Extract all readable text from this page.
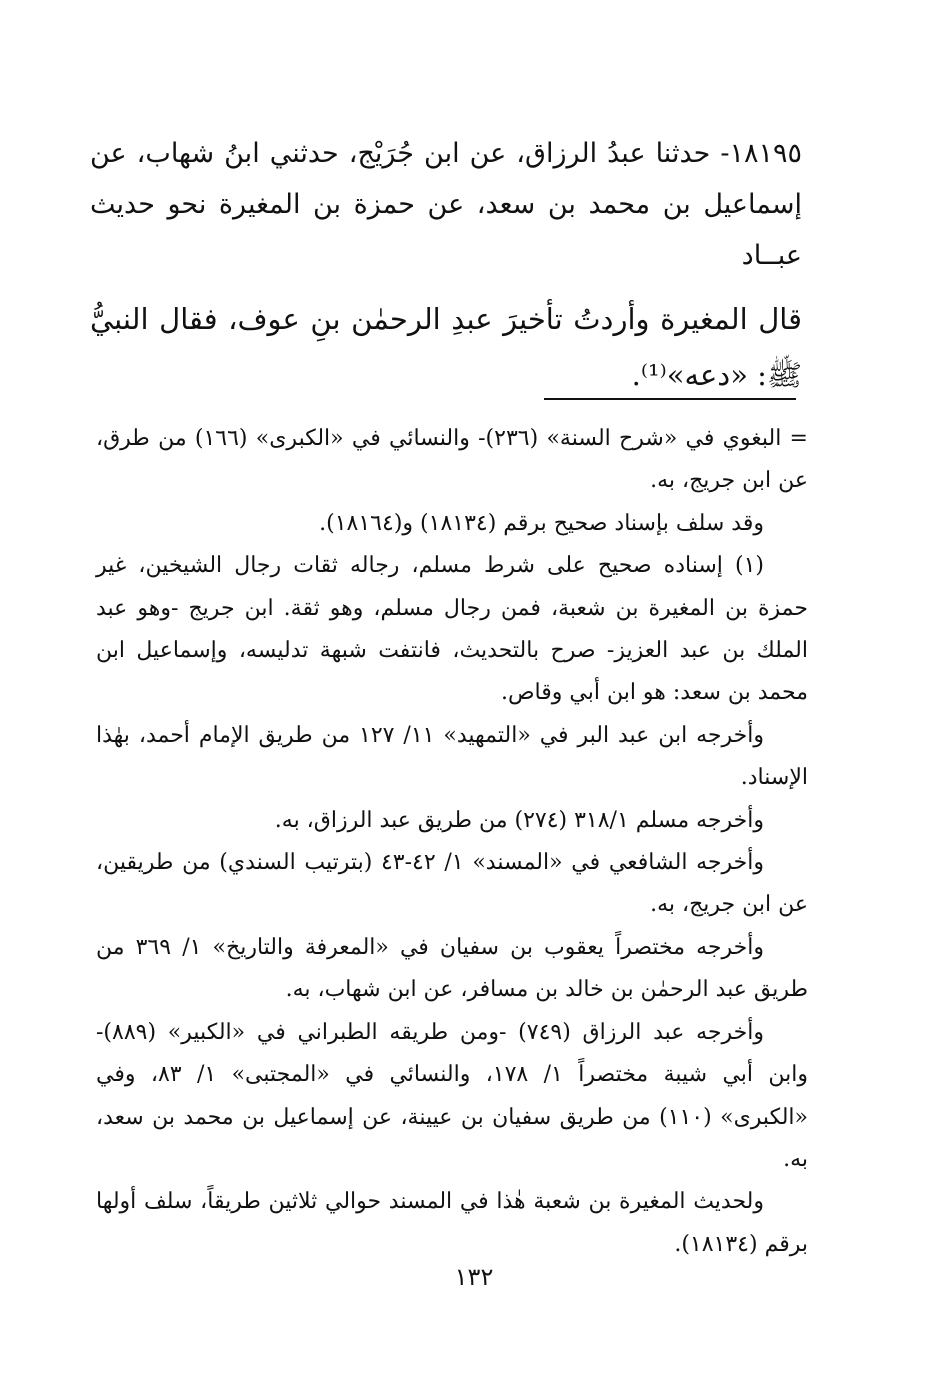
١٨١٩٥- حدثنا عبدُ الرزاق، عن ابن جُرَيْج، حدثني ابنُ شهاب، عن إسماعيل بن محمد بن سعد، عن حمزة بن المغيرة نحو حديث عبــاد

قال المغيرة وأردتُ تأخيرَ عبدِ الرحمٰن بنِ عوف، فقال النبيُّ ﷺ: «دعه»⁽¹⁾.

= البغوي في «شرح السنة» (٢٣٦)- والنسائي في «الكبرى» (١٦٦) من طرق، عن ابن جريج، به.

وقد سلف بإسناد صحيح برقم (١٨١٣٤) و(١٨١٦٤).

(١) إسناده صحيح على شرط مسلم، رجاله ثقات رجال الشيخين، غير حمزة بن المغيرة بن شعبة، فمن رجال مسلم، وهو ثقة. ابن جريج -وهو عبد الملك بن عبد العزيز- صرح بالتحديث، فانتفت شبهة تدليسه، وإسماعيل ابن محمد بن سعد: هو ابن أبي وقاص.

وأخرجه ابن عبد البر في «التمهيد» ١١/ ١٢٧ من طريق الإمام أحمد، بهٰذا الإسناد.

وأخرجه مسلم ٣١٨/١ (٢٧٤) من طريق عبد الرزاق، به.

وأخرجه الشافعي في «المسند» ١/ ٤٢-٤٣ (بترتيب السندي) من طريقين، عن ابن جريج، به.

وأخرجه مختصراً يعقوب بن سفيان في «المعرفة والتاريخ» ١/ ٣٦٩ من طريق عبد الرحمٰن بن خالد بن مسافر، عن ابن شهاب، به.

وأخرجه عبد الرزاق (٧٤٩) -ومن طريقه الطبراني في «الكبير» (٨٨٩)- وابن أبي شيبة مختصراً ١/ ١٧٨، والنسائي في «المجتبى» ١/ ٨٣، وفي «الكبرى» (١١٠) من طريق سفيان بن عيينة، عن إسماعيل بن محمد بن سعد، به.

ولحديث المغيرة بن شعبة هٰذا في المسند حوالي ثلاثين طريقاً، سلف أولها برقم (١٨١٣٤).

١٣٢
